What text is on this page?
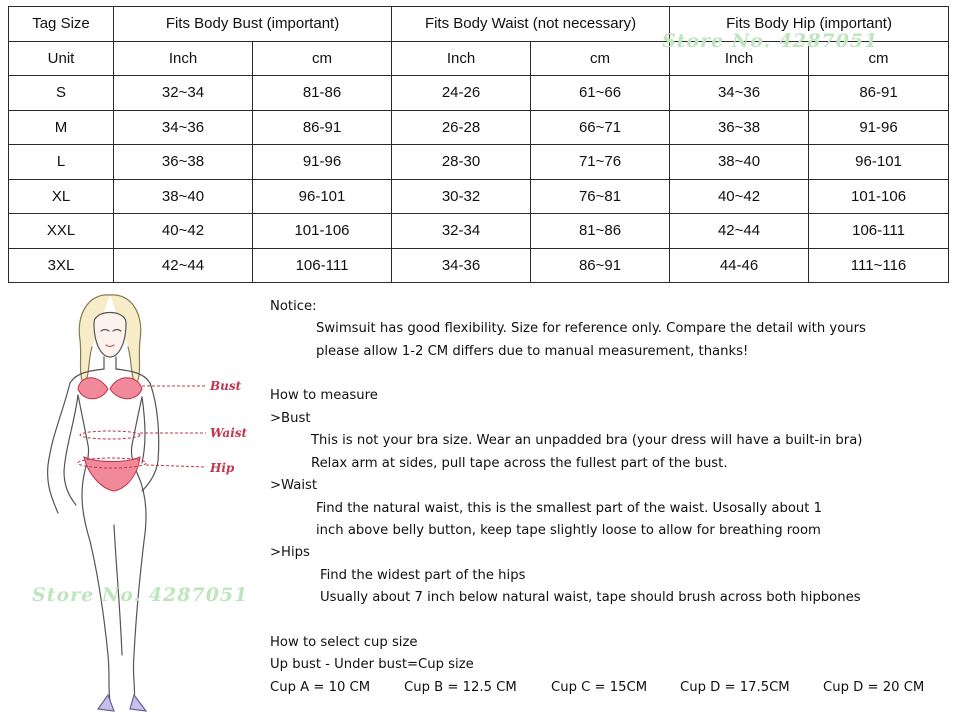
Tag Size	Fits Body Bust (important)		Fits Body Waist (not necessary)		Fits Body Hip (important)	
Unit	Inch	cm	Inch	cm	Inch	cm
S	32~34	81-86	24-26	61~66	34~36	86-91
M	34~36	86-91	26-28	66~71	36~38	91-96
L	36~38	91-96	28-30	71~76	38~40	96-101
XL	38~40	96-101	30-32	76~81	40~42	101-106
XXL	40~42	101-106	32-34	81~86	42~44	106-111
3XL	42~44	106-111	34-36	86~91	44-46	111~116
Store No. 4287051
Bust
Waist
Hip
Store No. 4287051
Notice:
Swimsuit has good flexibility. Size for reference only. Compare the detail with yours
please allow 1-2 CM differs due to manual measurement, thanks!
How to measure
>Bust
This is not your bra size. Wear an unpadded bra (your dress will have a built-in bra)
Relax arm at sides, pull tape across the fullest part of the bust.
>Waist
Find the natural waist, this is the smallest part of the waist. Usosally about 1
inch above belly button, keep tape slightly loose to allow for breathing room
>Hips
Find the widest part of the hips
Usually about 7 inch below natural waist, tape should brush across both hipbones
How to select cup size
Up bust - Under bust=Cup size
Cup A = 10 CM	Cup B = 12.5 CM	Cup C = 15CM Cup D = 17.5CM	Cup D = 20 CM
